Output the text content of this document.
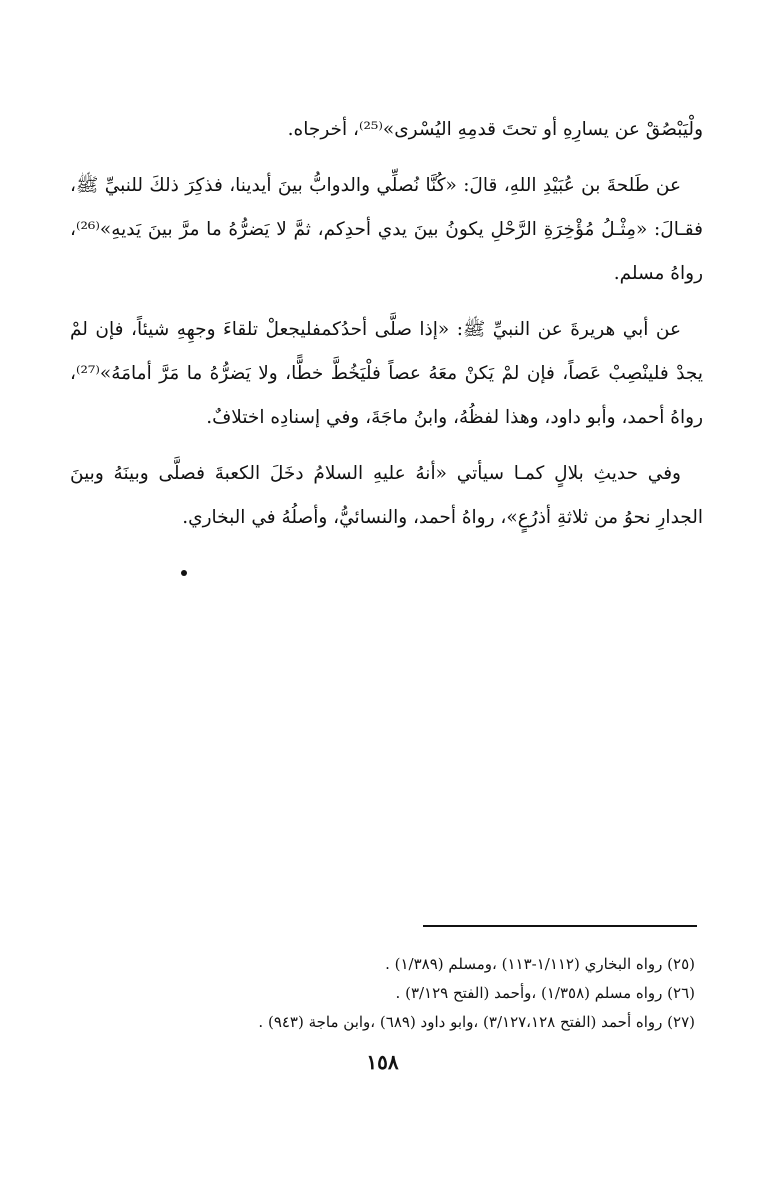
ولْيَبْصُقْ عن يسارِهِ أو تحتَ قدمِهِ اليُسْرى»⁽²⁵⁾، أخرجاه.

عن طَلحةَ بن عُبَيْدِ اللهِ، قالَ: «كُنَّا نُصلِّي والدوابُّ بينَ أيدينا، فذكِرَ ذلكَ للنبيِّ ﷺ، فقـالَ: «مِثْـلُ مُؤْخِرَةِ الرَّحْلِ يكونُ بينَ يدي أحدِكم، ثمَّ لا يَضرُّهُ ما مرَّ بينَ يَديهِ»⁽²⁶⁾، رواهُ مسلم.

عن أبي هريرةَ عن النبيِّ ﷺ: «إذا صلَّى أحدُكمفليجعلْ تلقاءَ وجهِهِ شيئاً، فإن لمْ يجدْ فلينْصِبْ عَصاً، فإن لمْ يَكنْ معَهُ عصاً فلْيَخُطَّ خطًّا، ولا يَضرُّهُ ما مَرَّ أمامَهُ»⁽²⁷⁾، رواهُ أحمد، وأبو داود، وهذا لفظُهُ، وابنُ ماجَةَ، وفي إسنادِه اختلافٌ.

وفي حديثِ بلالٍ كمـا سيأتي «أنهُ عليهِ السلامُ دخَلَ الكعبةَ فصلَّى وبينَهُ وبينَ الجدارِ نحوُ من ثلاثةِ أذرُعٍ»، رواهُ أحمد، والنسائيُّ، وأصلُهُ في البخاري.

(٢٥) رواه البخاري (١/١١٢-١١٣) ،ومسلم (١/٣٨٩) .

(٢٦) رواه مسلم (١/٣٥٨) ،وأحمد (الفتح ٣/١٢٩) .

(٢٧) رواه أحمد (الفتح ٣/١٢٧،١٢٨) ،وابو داود (٦٨٩) ،وابن ماجة (٩٤٣) .

١٥٨
